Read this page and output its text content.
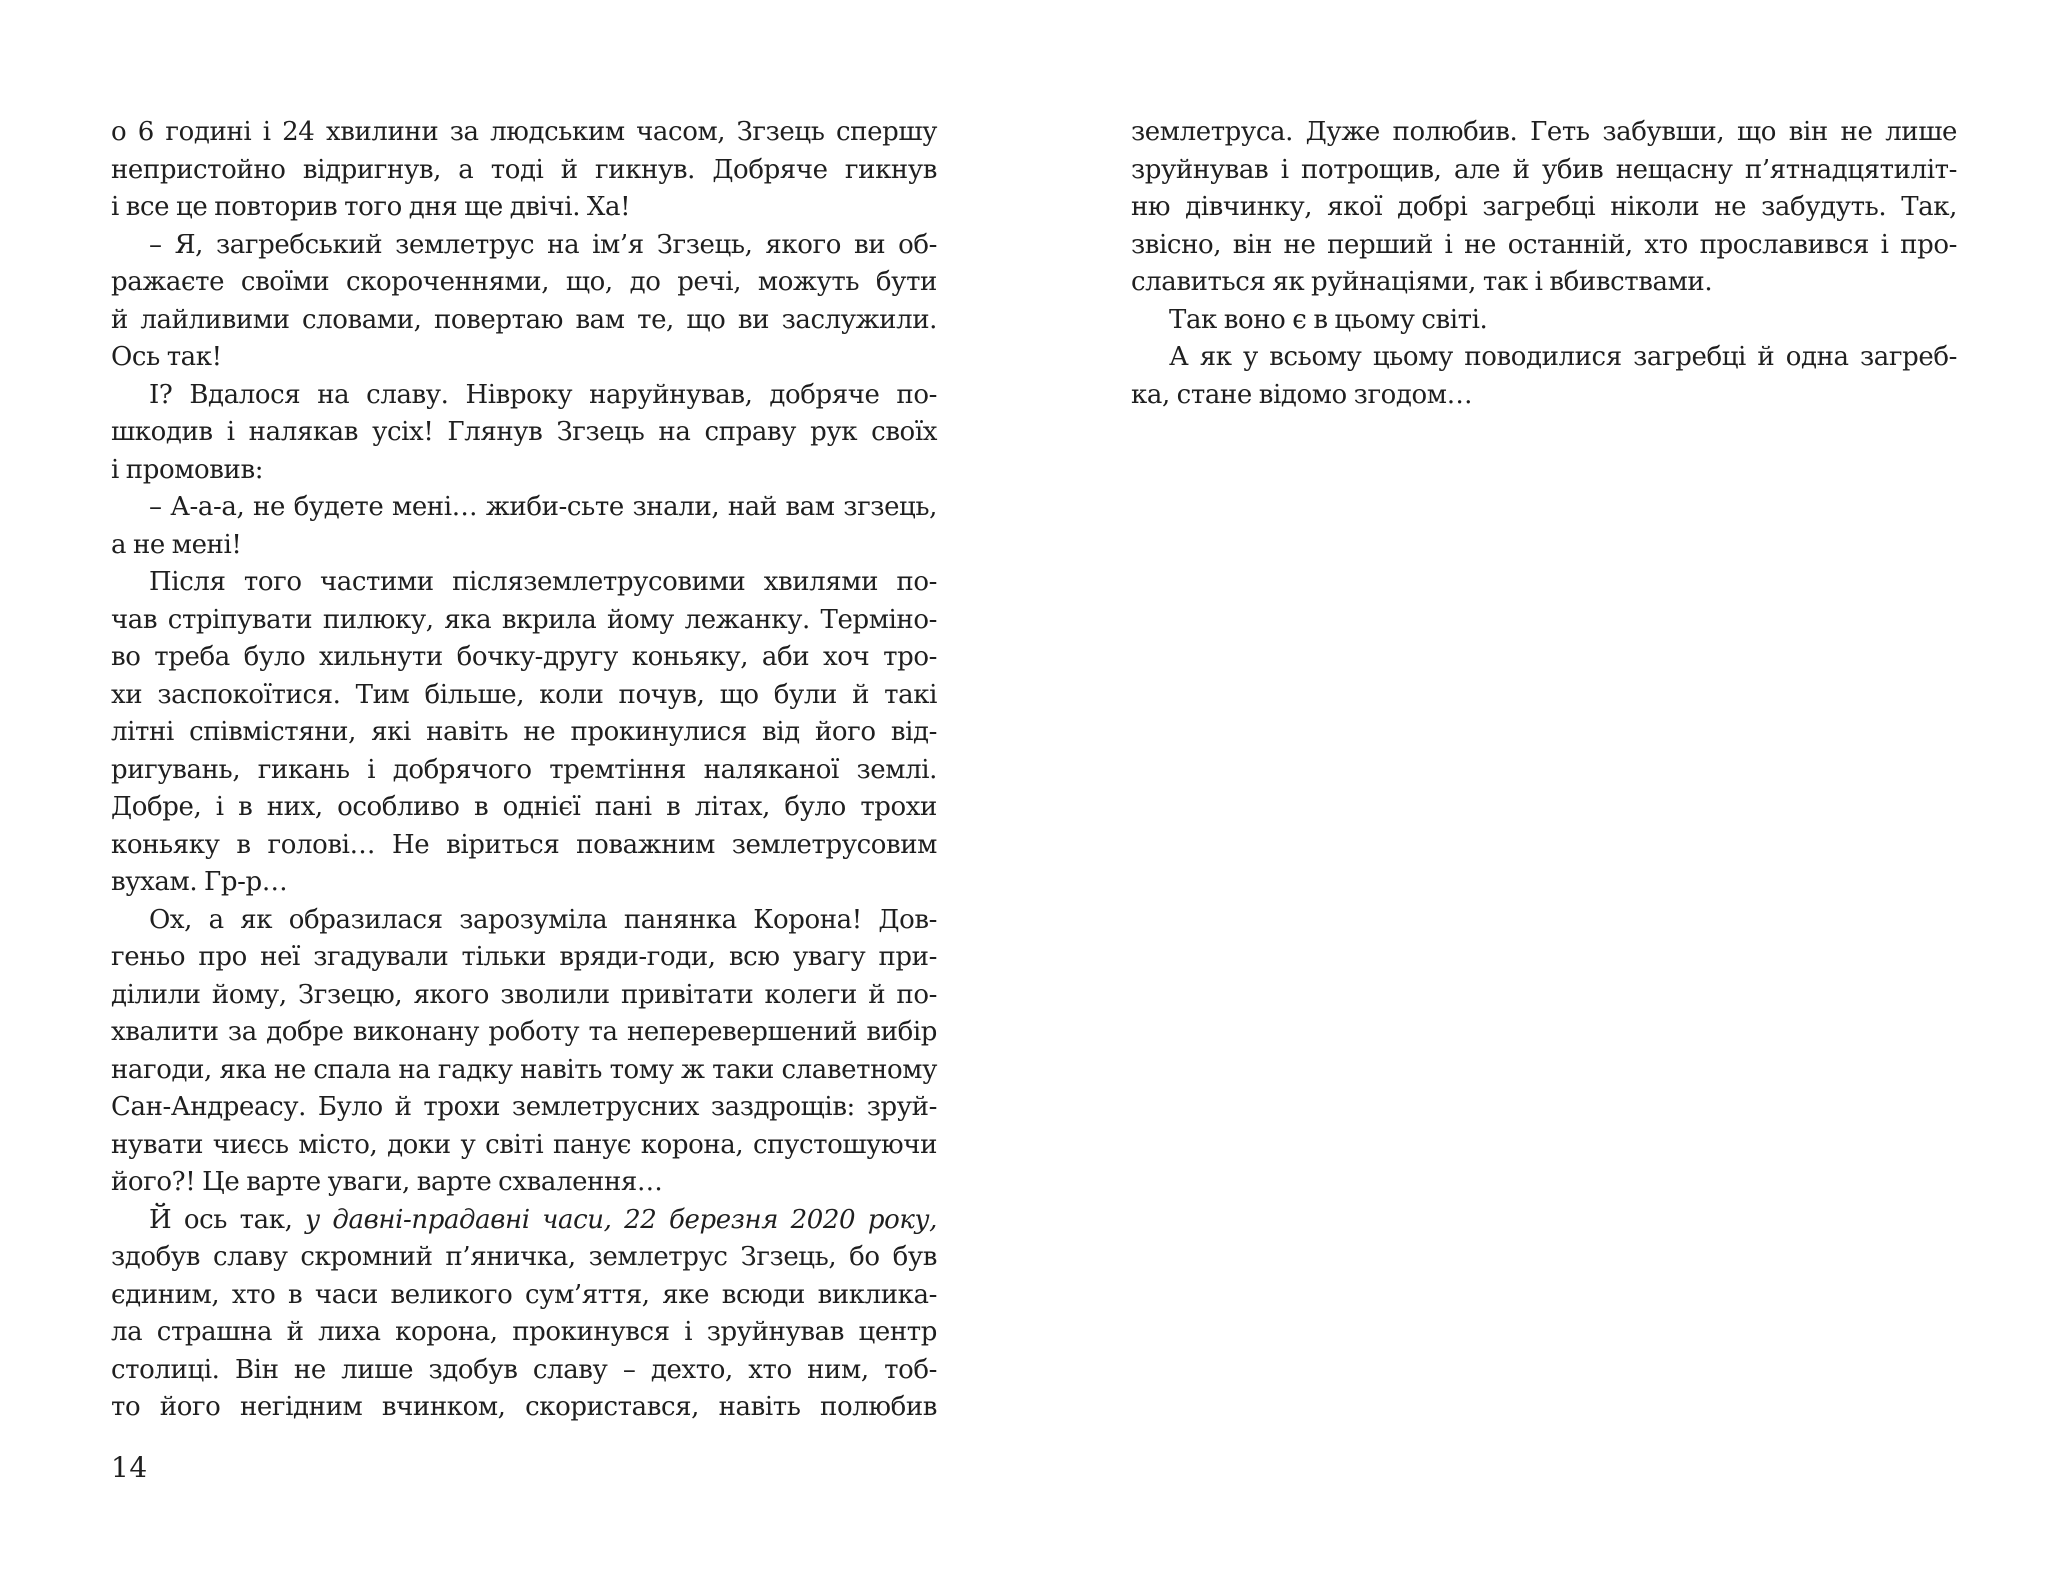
о 6 годині і 24 хвилини за людським часом, Згзець спершу
непристойно відригнув, а тоді й гикнув. Добряче гикнув
і все це повторив того дня ще двічі. Ха!
– Я, загребський землетрус на ім’я Згзець, якого ви об-
ражаєте своїми скороченнями, що, до речі, можуть бути
й лайливими словами, повертаю вам те, що ви заслужили.
Ось так!
І? Вдалося на славу. Нівроку наруйнував, добряче по-
шкодив і налякав усіх! Глянув Згзець на справу рук своїх
і промовив:
– А-а-а, не будете мені… жиби-сьте знали, най вам згзець,
а не мені!
Після того частими післяземлетрусовими хвилями по-
чав стріпувати пилюку, яка вкрила йому лежанку. Терміно-
во треба було хильнути бочку-другу коньяку, аби хоч тро-
хи заспокоїтися. Тим більше, коли почув, що були й такі
літні співмістяни, які навіть не прокинулися від його від-
ригувань, гикань і добрячого тремтіння наляканої землі.
Добре, і в них, особливо в однієї пані в літах, було трохи
коньяку в голові… Не віриться поважним землетрусовим
вухам. Гр-р…
Ох, а як образилася зарозуміла панянка Корона! Дов-
геньо про неї згадували тільки вряди-годи, всю увагу при-
ділили йому, Згзецю, якого зволили привітати колеги й по-
хвалити за добре виконану роботу та неперевершений вибір
нагоди, яка не спала на гадку навіть тому ж таки славетному
Сан-Андреасу. Було й трохи землетрусних заздрощів: зруй-
нувати чиєсь місто, доки у світі панує корона, спустошуючи
його?! Це варте уваги, варте схвалення…
Й ось так, у давні-прадавні часи, 22 березня 2020 року,
здобув славу скромний п’яничка, землетрус Згзець, бо був
єдиним, хто в часи великого сум’яття, яке всюди виклика-
ла страшна й лиха корона, прокинувся і зруйнував центр
столиці. Він не лише здобув славу – дехто, хто ним, тоб-
то його негідним вчинком, скористався, навіть полюбив
14
землетруса. Дуже полюбив. Геть забувши, що він не лише
зруйнував і потрощив, але й убив нещасну п’ятнадцятиліт-
ню дівчинку, якої добрі загребці ніколи не забудуть. Так,
звісно, він не перший і не останній, хто прославився і про-
славиться як руйнаціями, так і вбивствами.
Так воно є в цьому світі.
А як у всьому цьому поводилися загребці й одна загреб-
ка, стане відомо згодом…
